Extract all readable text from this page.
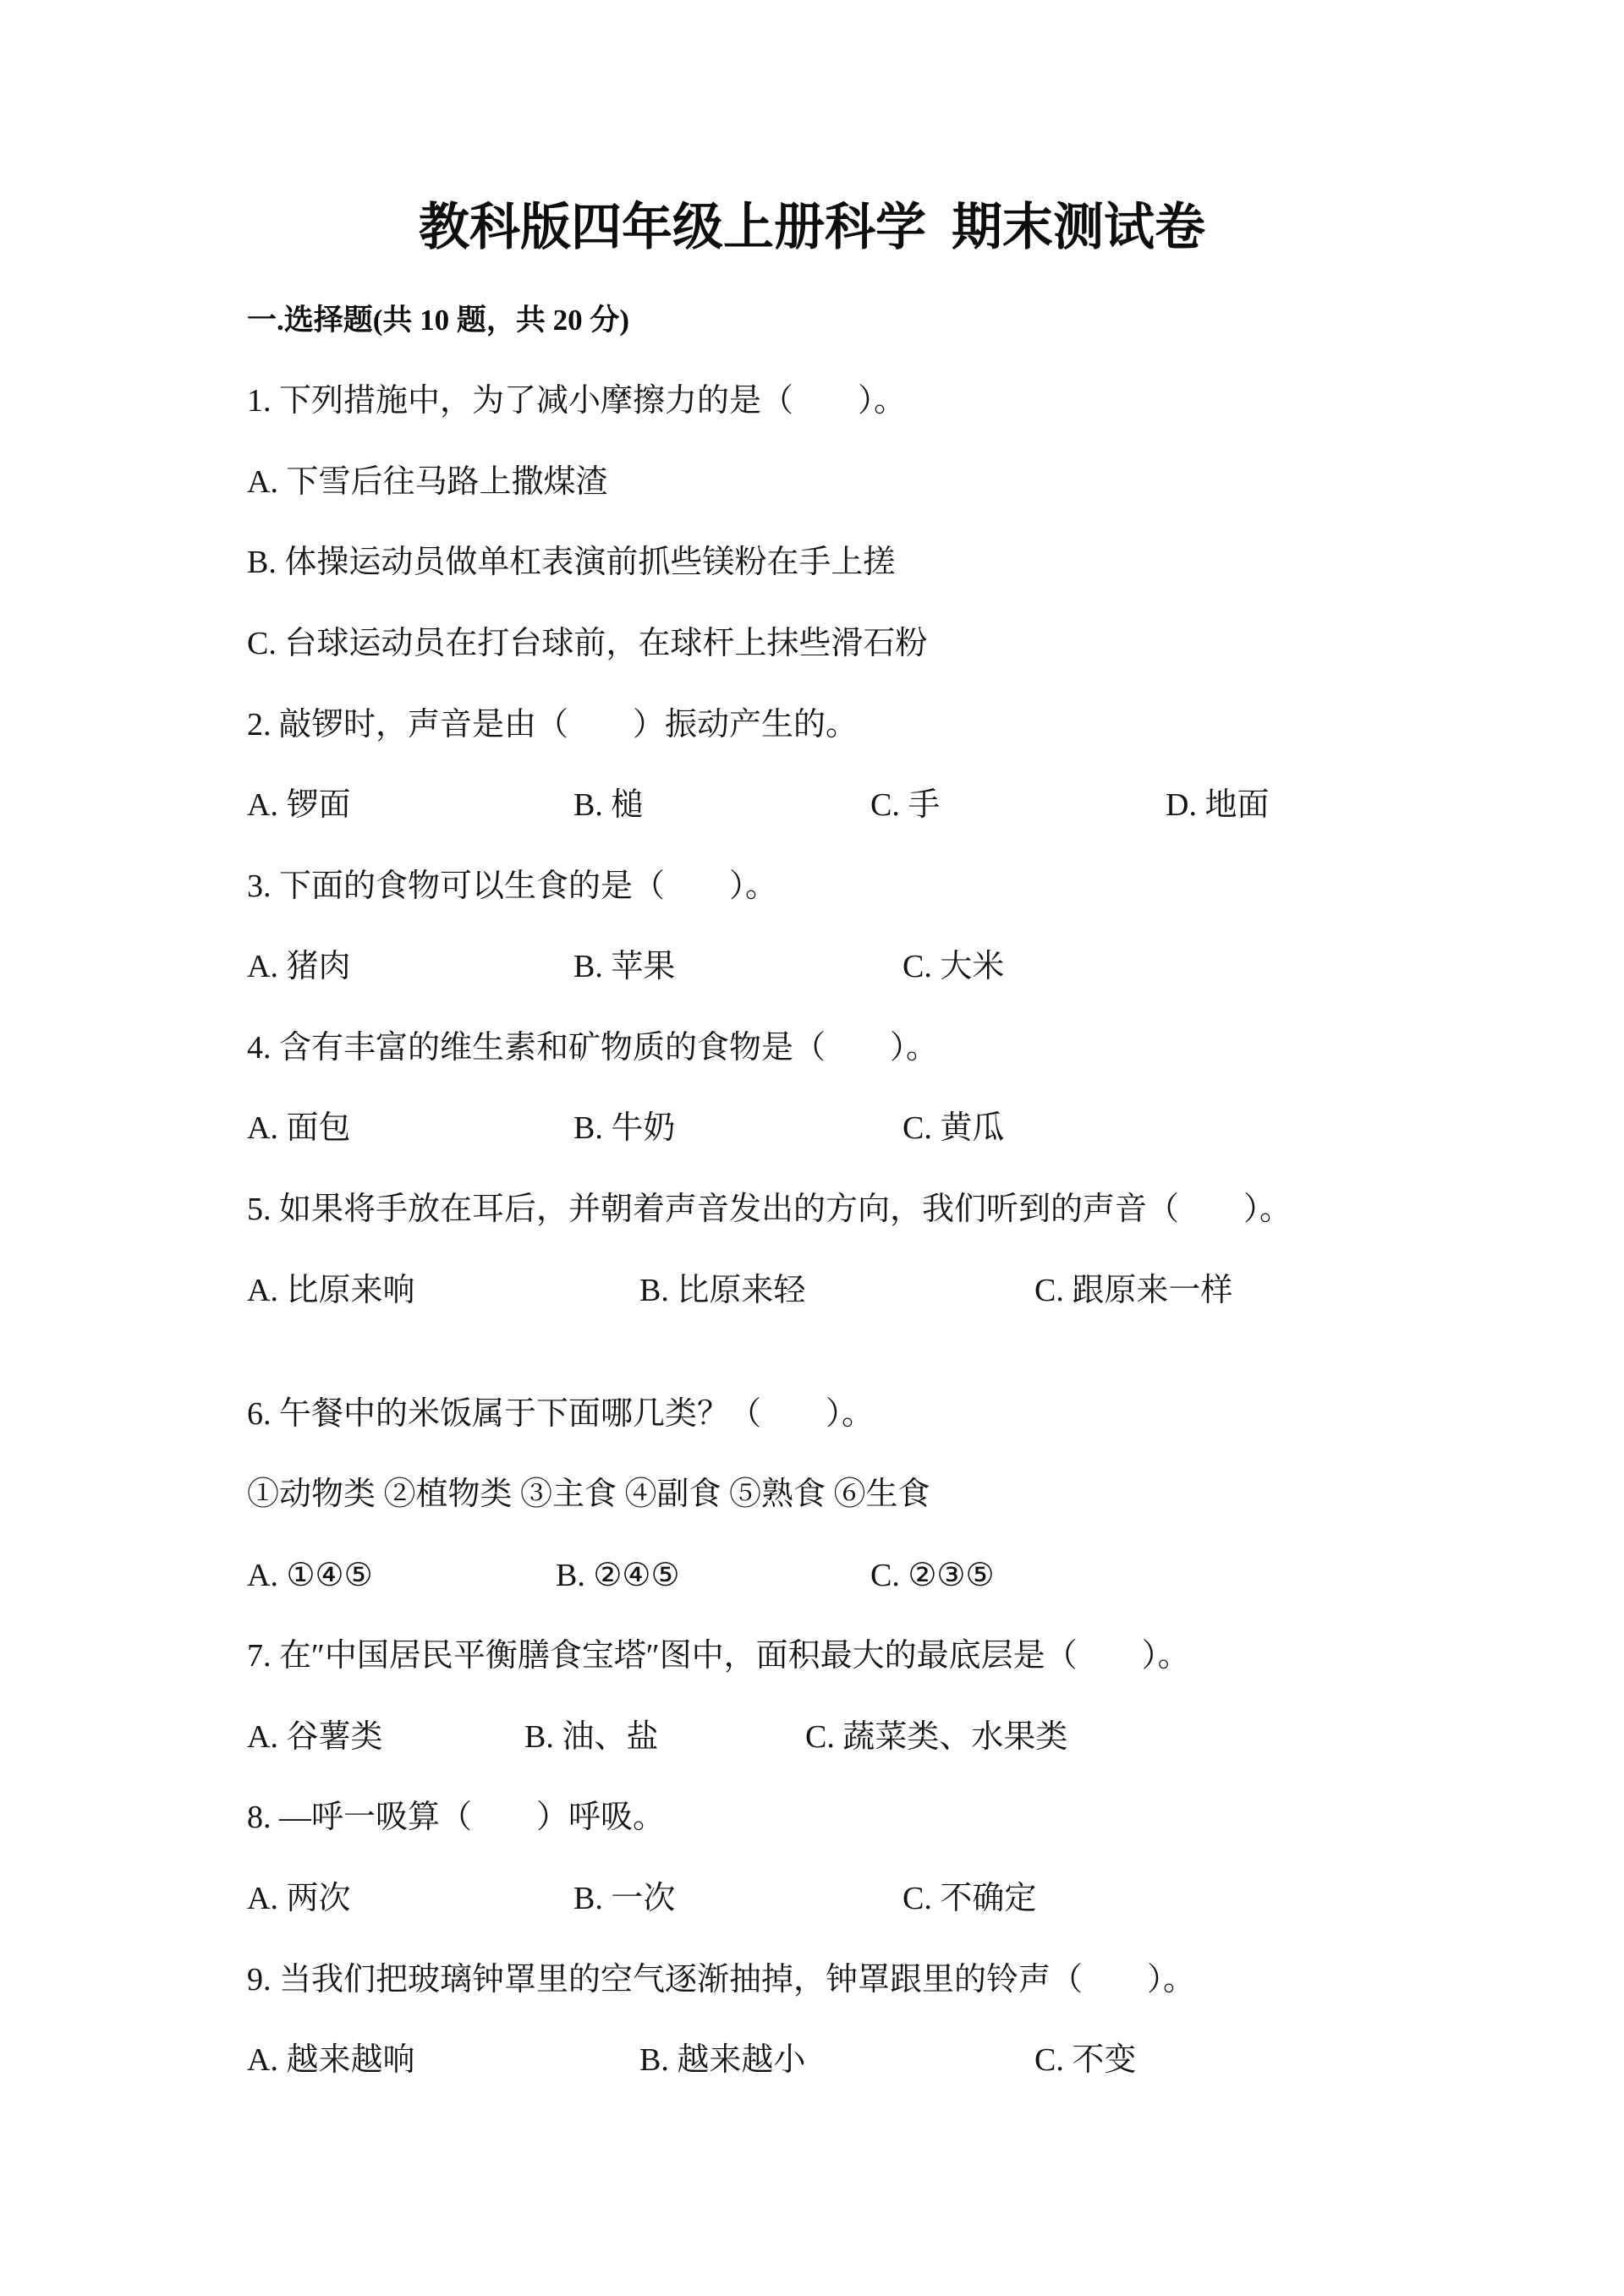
教科版四年级上册科学  期末测试卷
一.选择题(共 10 题，共 20 分)
1. 下列措施中，为了减小摩擦力的是（　　）。
A. 下雪后往马路上撒煤渣
B. 体操运动员做单杠表演前抓些镁粉在手上搓
C. 台球运动员在打台球前，在球杆上抹些滑石粉
2. 敲锣时，声音是由（　　）振动产生的。
A. 锣面	B. 槌	C. 手	D. 地面
3. 下面的食物可以生食的是（　　）。
A. 猪肉	B. 苹果	C. 大米
4. 含有丰富的维生素和矿物质的食物是（　　）。
A. 面包	B. 牛奶	C. 黄瓜
5. 如果将手放在耳后，并朝着声音发出的方向，我们听到的声音（　　）。
A. 比原来响	B. 比原来轻	C. 跟原来一样
6. 午餐中的米饭属于下面哪几类？（　　）。
①动物类 ②植物类 ③主食 ④副食 ⑤熟食 ⑥生食
A. ①④⑤	B. ②④⑤	C. ②③⑤
7. 在″中国居民平衡膳食宝塔″图中，面积最大的最底层是（　　）。
A. 谷薯类	B. 油、盐	C. 蔬菜类、水果类
8. —呼一吸算（　　）呼吸。
A. 两次	B. 一次	C. 不确定
9. 当我们把玻璃钟罩里的空气逐渐抽掉，钟罩跟里的铃声（　　）。
A. 越来越响	B. 越来越小	C. 不变
